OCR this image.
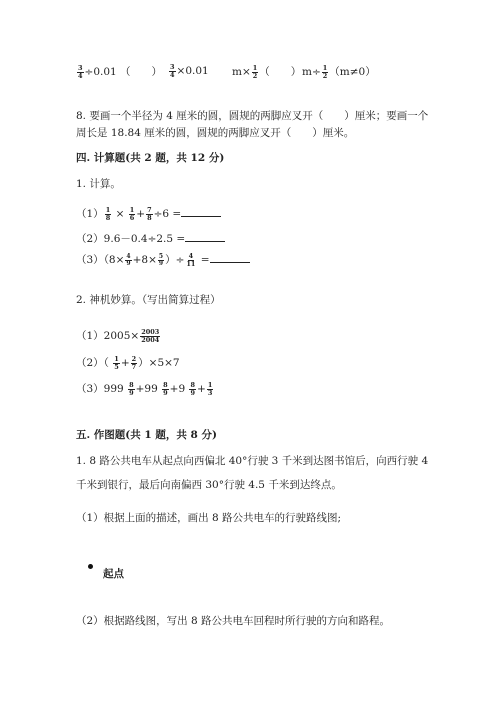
$\frac{3}{4} \div 0.01$ （　　） $\frac{3}{4} \times 0.01$ $m\times \frac{1}{2}$ （　　） $m\div \frac{1}{2} (m\ne 0)$
8. 要画一个半径为 4 厘米的圆，圆规的两脚应叉开（　　）厘米；要画一个周长是 18.84 厘米的圆，圆规的两脚应叉开（　　）厘米。
四. 计算题(共 2 题，共 12 分)
1. 计算。
$(1) \frac{1}{8} \times \frac{1}{6} + \frac{7}{8} \div 6$ =
（2）9.6－0.4÷2.5 =
$(3)(8\times \frac{4}{9} +8\times \frac{5}{9}$ ）÷ $\frac{4}{11}$ =
2. 神机妙算。（写出简算过程）
$(1)2005\times \frac{2003}{2004}$
$(2)( \frac{1}{5} + \frac{2}{7} )\times 5\times 7$
$(3)999 \frac{8}{9} +99 \frac{8}{9} +9 \frac{8}{9} + \frac{1}{3}$
五. 作图题(共 1 题，共 8 分)
1. 8 路公共电车从起点向西偏北 40°行驶 3 千米到达图书馆后，向西行驶 4 千米到银行，最后向南偏西 30°行驶 4.5 千米到达终点。
（1）根据上面的描述，画出 8 路公共电车的行驶路线图;
起点
（2）根据路线图，写出 8 路公共电车回程时所行驶的方向和路程。
